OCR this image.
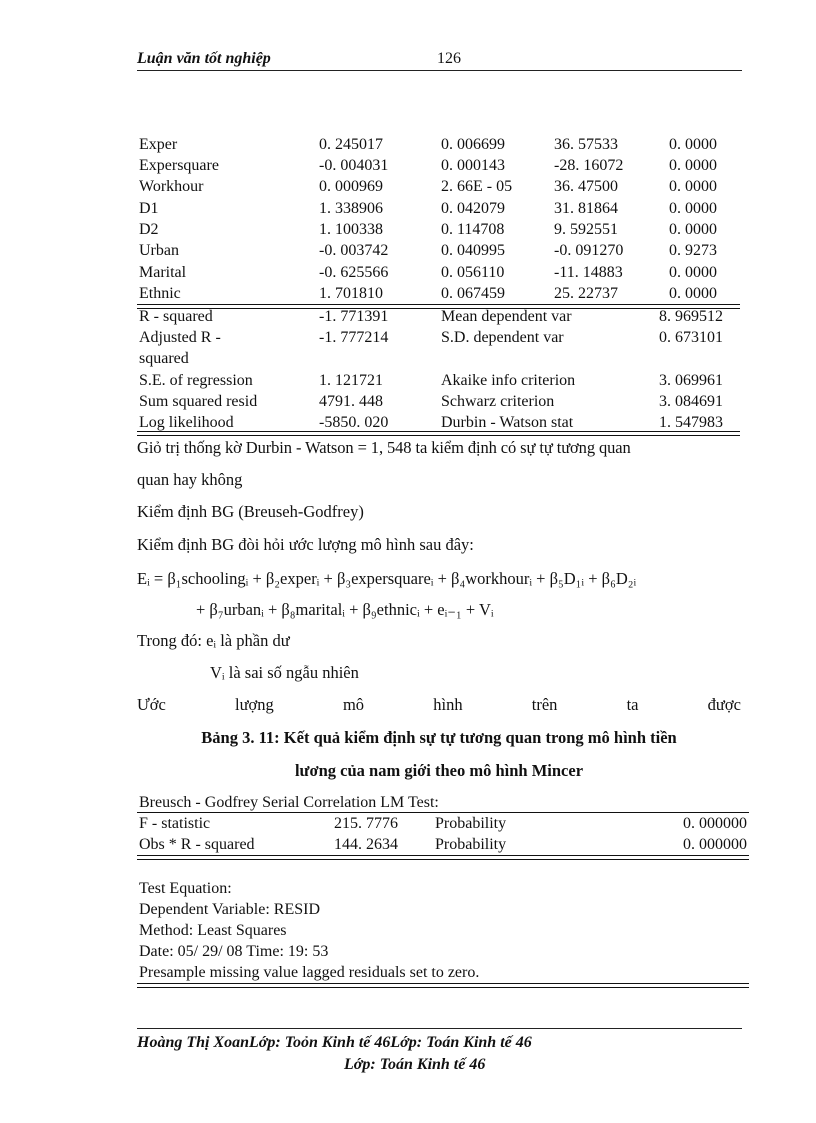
Luận văn tốt nghiệp	126
Exper	0. 245017	0. 006699	36. 57533	0. 0000
Expersquare	-0. 004031	0. 000143	-28. 16072	0. 0000
Workhour	0. 000969	2. 66E - 05	36. 47500	0. 0000
D1	1. 338906	0. 042079	31. 81864	0. 0000
D2	1. 100338	0. 114708	9. 592551	0. 0000
Urban	-0. 003742	0. 040995	-0. 091270	0. 9273
Marital	-0. 625566	0. 056110	-11. 14883	0. 0000
Ethnic	1. 701810	0. 067459	25. 22737	0. 0000
R - squared	-1. 771391	Mean dependent var	8. 969512
Adjusted R -	-1. 777214	S.D. dependent var	0. 673101
squared
S.E. of regression	1. 121721	Akaike info criterion	3. 069961
Sum squared resid	4791. 448	Schwarz criterion	3. 084691
Log likelihood	-5850. 020	Durbin - Watson stat	1. 547983
Giỏ trị thống kờ Durbin - Watson = 1, 548 ta kiểm định có sự tự tương quan
quan hay không
Kiểm định BG (Breuseh-Godfrey)
Kiểm định BG đòi hỏi ước lượng mô hình sau đây:
Eᵢ = β₁schoolingᵢ + β₂experᵢ + β₃expersquareᵢ + β₄workhourᵢ + β₅D₁ᵢ + β₆D₂ᵢ
+ β₇urbanᵢ + β₈maritalᵢ + β₉ethnicᵢ + eᵢ₋₁ + Vᵢ
Trong đó: eᵢ là phần dư
Vᵢ là sai số ngẫu nhiên
Ước	lượng	mô	hình	trên	ta	được
Bảng 3. 11: Kết quả kiểm định sự tự tương quan trong mô hình tiền
lương của nam giới theo mô hình Mincer
Breusch - Godfrey Serial Correlation LM Test:
F - statistic	215. 7776 Probability	0. 000000
Obs * R - squared	144. 2634 Probability	0. 000000
Test Equation:
Dependent Variable: RESID
Method: Least Squares
Date: 05/ 29/ 08 Time: 19: 53
Presample missing value lagged residuals set to zero.
Hoàng Thị XoanLớp: Toỏn Kinh tế 46Lớp: Toán Kinh tế 46
Lớp: Toán Kinh tế 46
